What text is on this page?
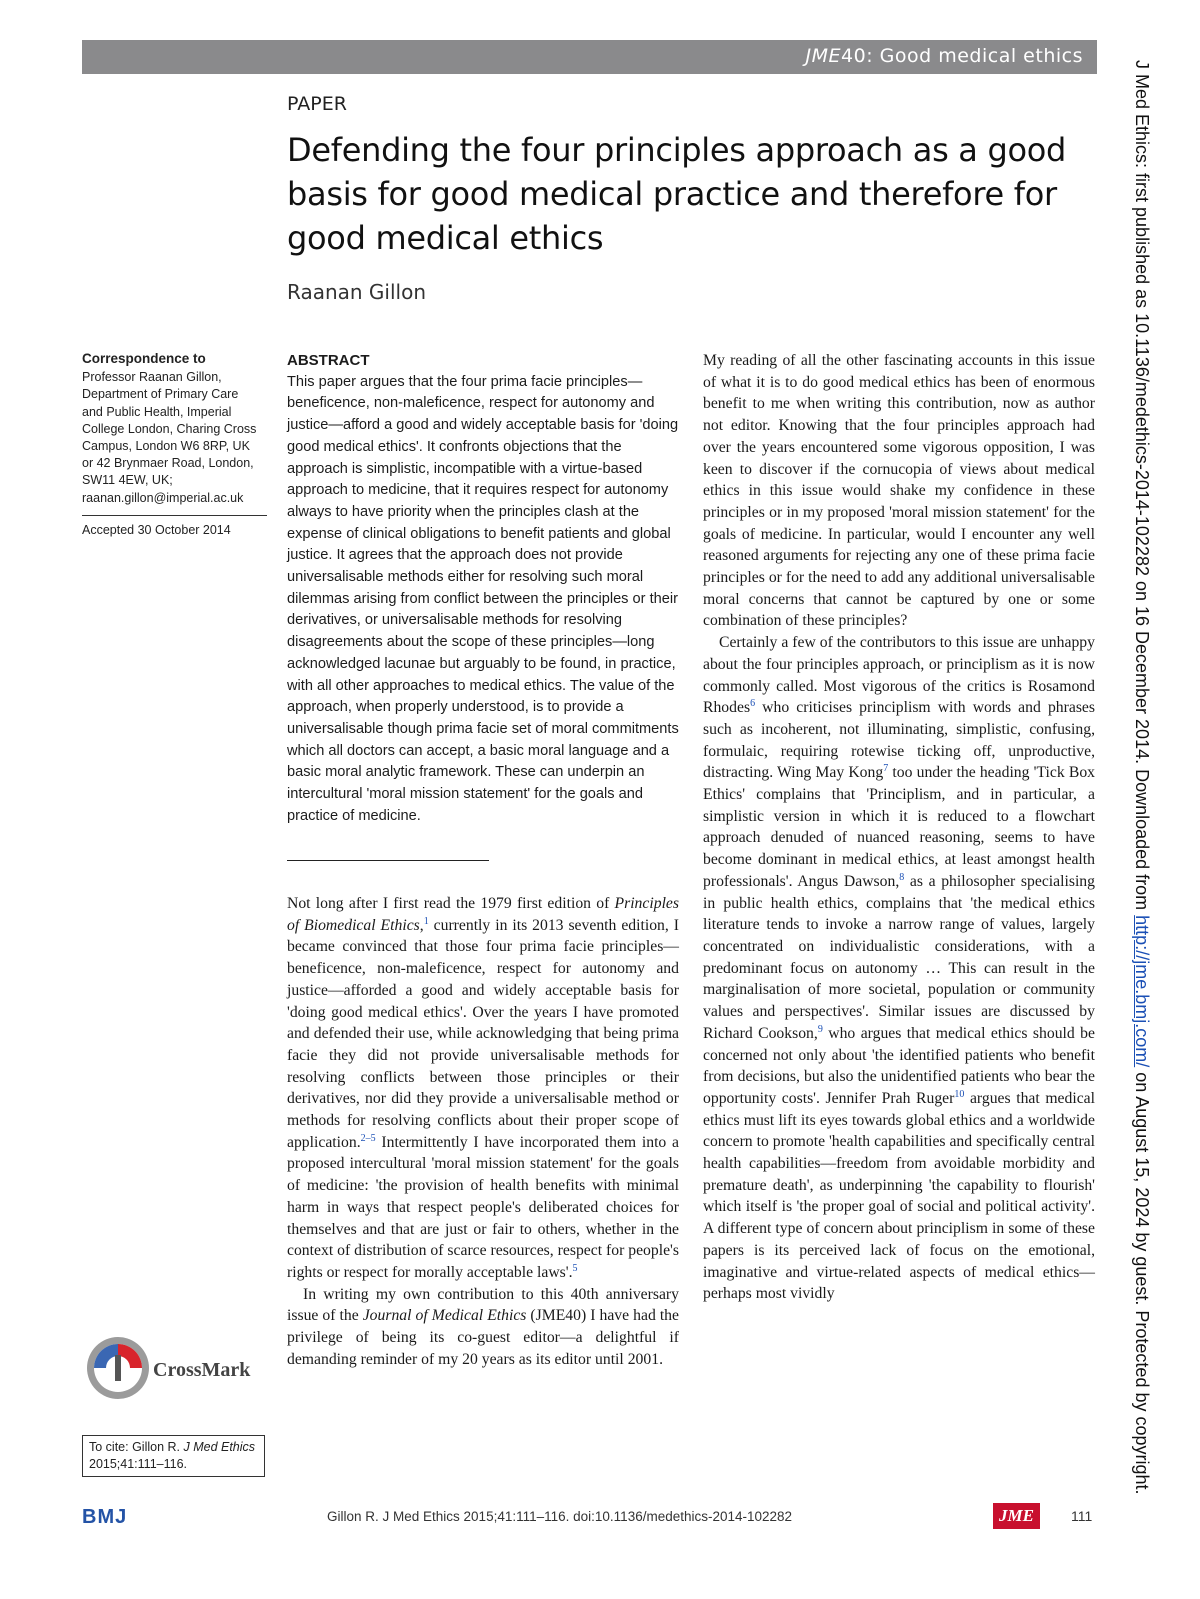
JME40: Good medical ethics
J Med Ethics: first published as 10.1136/medethics-2014-102282 on 16 December 2014. Downloaded from http://jme.bmj.com/ on August 15, 2024 by guest. Protected by copyright.
PAPER
Defending the four principles approach as a good basis for good medical practice and therefore for good medical ethics
Raanan Gillon
Correspondence to
Professor Raanan Gillon,
Department of Primary Care
and Public Health, Imperial
College London, Charing Cross
Campus, London W6 8RP, UK
or 42 Brynmaer Road, London,
SW11 4EW, UK;
raanan.gillon@imperial.ac.uk
Accepted 30 October 2014
ABSTRACT
This paper argues that the four prima facie principles—beneficence, non-maleficence, respect for autonomy and justice—afford a good and widely acceptable basis for 'doing good medical ethics'. It confronts objections that the approach is simplistic, incompatible with a virtue-based approach to medicine, that it requires respect for autonomy always to have priority when the principles clash at the expense of clinical obligations to benefit patients and global justice. It agrees that the approach does not provide universalisable methods either for resolving such moral dilemmas arising from conflict between the principles or their derivatives, or universalisable methods for resolving disagreements about the scope of these principles—long acknowledged lacunae but arguably to be found, in practice, with all other approaches to medical ethics. The value of the approach, when properly understood, is to provide a universalisable though prima facie set of moral commitments which all doctors can accept, a basic moral language and a basic moral analytic framework. These can underpin an intercultural 'moral mission statement' for the goals and practice of medicine.

Not long after I first read the 1979 first edition of Principles of Biomedical Ethics,$^1$ currently in its 2013 seventh edition, I became convinced that those four prima facie principles—beneficence, non-maleficence, respect for autonomy and justice—afforded a good and widely acceptable basis for 'doing good medical ethics'. Over the years I have promoted and defended their use, while acknowledging that being prima facie they did not provide universalisable methods for resolving conflicts between those principles or their derivatives, nor did they provide a universalisable method or methods for resolving conflicts about their proper scope of application.$^{2-5}$ Intermittently I have incorporated them into a proposed intercultural 'moral mission statement' for the goals of medicine: 'the provision of health benefits with minimal harm in ways that respect people's deliberated choices for themselves and that are just or fair to others, whether in the context of distribution of scarce resources, respect for people's rights or respect for morally acceptable laws'.$^5$

In writing my own contribution to this 40th anniversary issue of the Journal of Medical Ethics (JME40) I have had the privilege of being its co-guest editor—a delightful if demanding reminder of my 20 years as its editor until 2001.

My reading of all the other fascinating accounts in this issue of what it is to do good medical ethics has been of enormous benefit to me when writing this contribution, now as author not editor. Knowing that the four principles approach had over the years encountered some vigorous opposition, I was keen to discover if the cornucopia of views about medical ethics in this issue would shake my confidence in these principles or in my proposed 'moral mission statement' for the goals of medicine. In particular, would I encounter any well reasoned arguments for rejecting any one of these prima facie principles or for the need to add any additional universalisable moral concerns that cannot be captured by one or some combination of these principles?

Certainly a few of the contributors to this issue are unhappy about the four principles approach, or principlism as it is now commonly called. Most vigorous of the critics is Rosamond Rhodes$^6$ who criticises principlism with words and phrases such as incoherent, not illuminating, simplistic, confusing, formulaic, requiring rotewise ticking off, unproductive, distracting. Wing May Kong$^7$ too under the heading 'Tick Box Ethics' complains that 'Principlism, and in particular, a simplistic version in which it is reduced to a flowchart approach denuded of nuanced reasoning, seems to have become dominant in medical ethics, at least amongst health professionals'. Angus Dawson,$^8$ as a philosopher specialising in public health ethics, complains that 'the medical ethics literature tends to invoke a narrow range of values, largely concentrated on individualistic considerations, with a predominant focus on autonomy … This can result in the marginalisation of more societal, population or community values and perspectives'. Similar issues are discussed by Richard Cookson,$^9$ who argues that medical ethics should be concerned not only about 'the identified patients who benefit from decisions, but also the unidentified patients who bear the opportunity costs'. Jennifer Prah Ruger$^{10}$ argues that medical ethics must lift its eyes towards global ethics and a worldwide concern to promote 'health capabilities and specifically central health capabilities—freedom from avoidable morbidity and premature death', as underpinning 'the capability to flourish' which itself is 'the proper goal of social and political activity'. A different type of concern about principlism in some of these papers is its perceived lack of focus on the emotional, imaginative and virtue-related aspects of medical ethics—perhaps most vividly

CrossMark
To cite: Gillon R. J Med Ethics 2015;41:111–116.
BMJ	Gillon R. J Med Ethics 2015;41:111–116. doi:10.1136/medethics-2014-102282	JME	111
